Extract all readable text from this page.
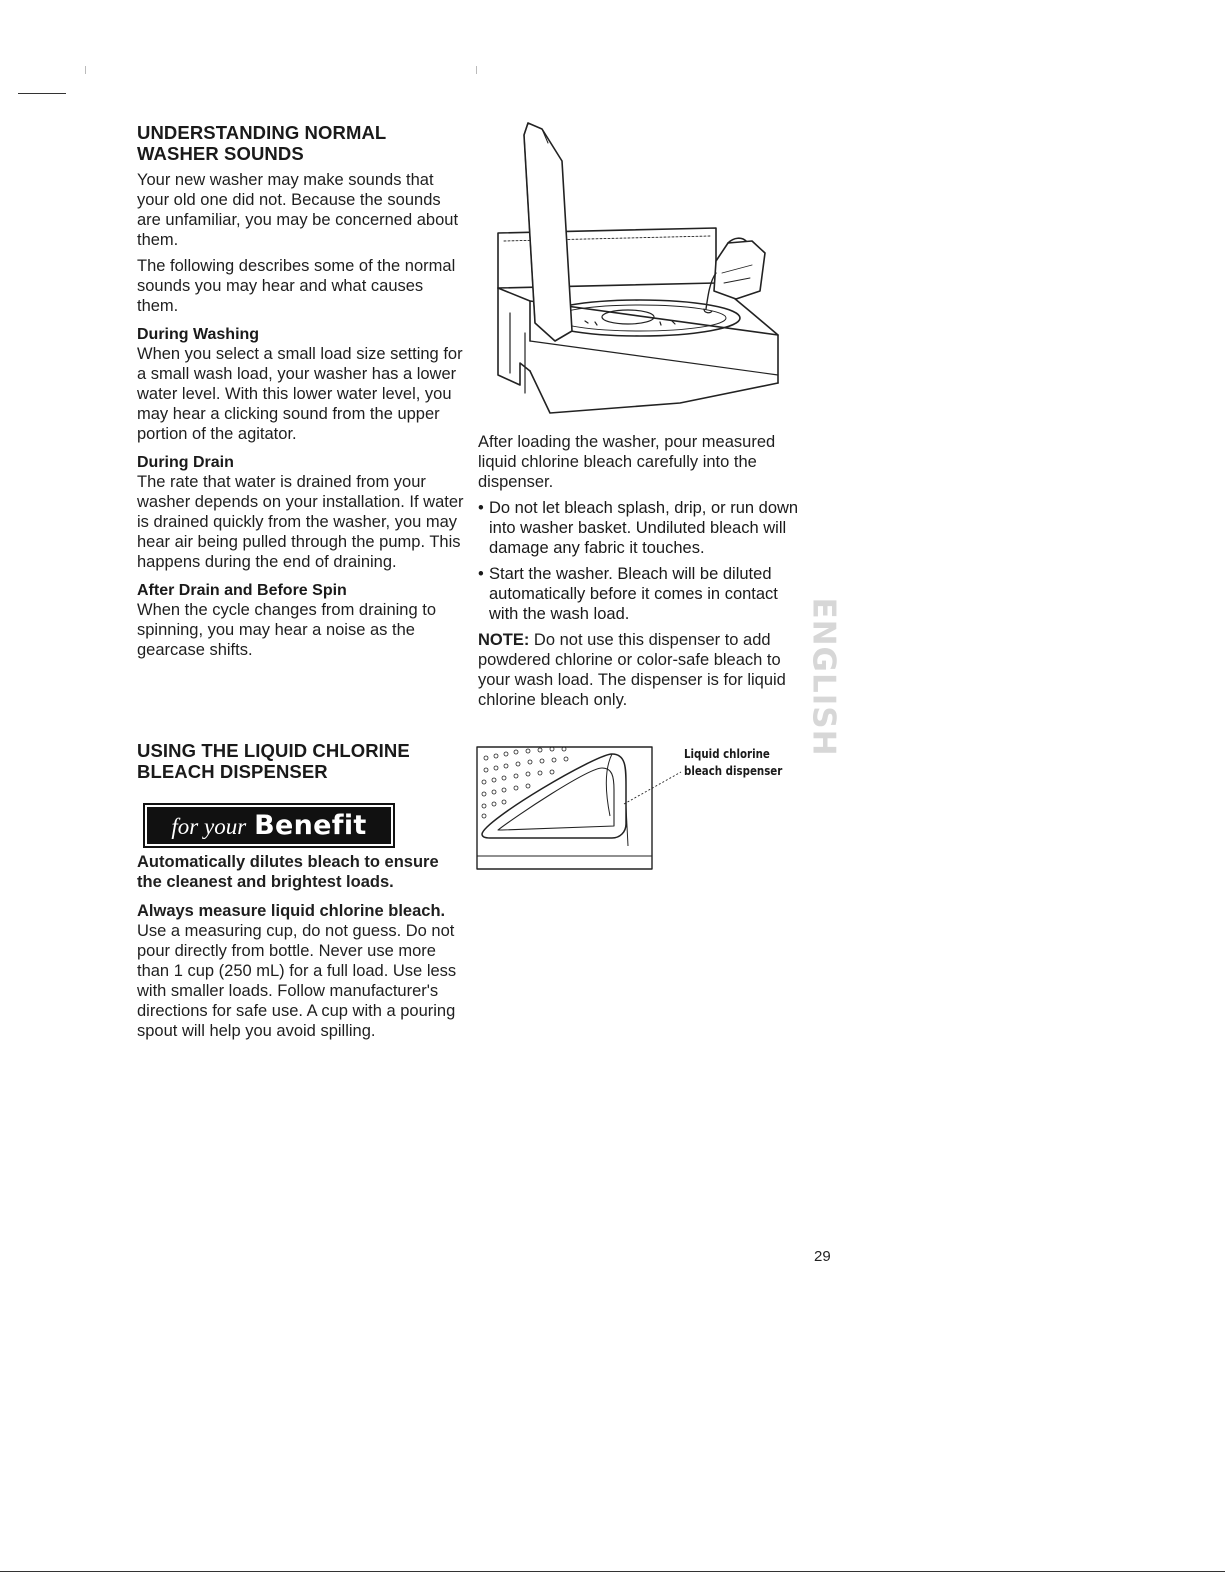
UNDERSTANDING NORMAL
WASHER SOUNDS

Your new washer may make sounds that your old one did not. Because the sounds are unfamiliar, you may be concerned about them.

The following describes some of the normal sounds you may hear and what causes them.

During Washing

When you select a small load size setting for a small wash load, your washer has a lower water level. With this lower water level, you may hear a clicking sound from the upper portion of the agitator.

During Drain

The rate that water is drained from your washer depends on your installation. If water is drained quickly from the washer, you may hear air being pulled through the pump. This happens during the end of draining.

After Drain and Before Spin

When the cycle changes from draining to spinning, you may hear a noise as the gearcase shifts.

USING THE LIQUID CHLORINE
BLEACH DISPENSER
for your Benefit

Automatically dilutes bleach to ensure the cleanest and brightest loads.

Always measure liquid chlorine bleach. Use a measuring cup, do not guess. Do not pour directly from bottle. Never use more than 1 cup (250 mL) for a full load. Use less with smaller loads. Follow manufacturer's directions for safe use. A cup with a pouring spout will help you avoid spilling.

After loading the washer, pour measured liquid chlorine bleach carefully into the dispenser.

• Do not let bleach splash, drip, or run down into washer basket. Undiluted bleach will damage any fabric it touches.
• Start the washer. Bleach will be diluted automatically before it comes in contact with the wash load.

NOTE: Do not use this dispenser to add powdered chlorine or color-safe bleach to your wash load. The dispenser is for liquid chlorine bleach only.

Liquid chlorine
bleach dispenser
ENGLISH
29
